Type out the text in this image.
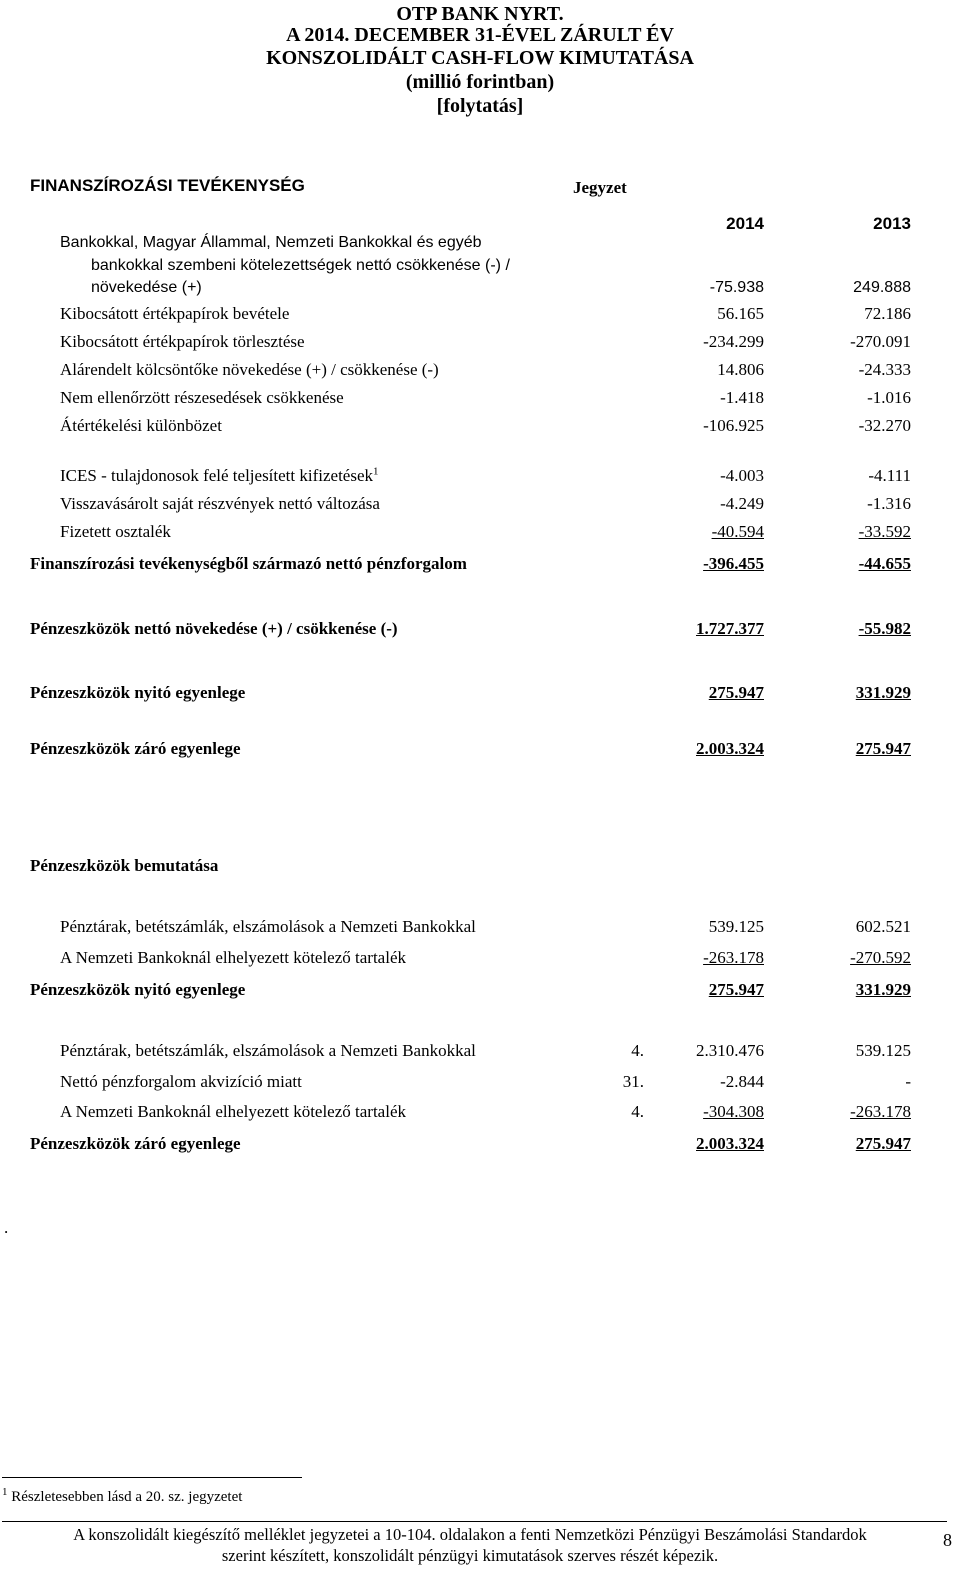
OTP BANK NYRT.
A 2014. DECEMBER 31-ÉVEL ZÁRULT ÉV
KONSZOLIDÁLT CASH-FLOW KIMUTATÁSA
(millió forintban)
[folytatás]
FINANSZÍROZÁSI TEVÉKENYSÉG	Jegyzet
2014	2013
Bankokkal, Magyar Állammal, Nemzeti Bankokkal és egyéb
bankokkal szembeni kötelezettségek nettó csökkenése (-) /
növekedése (+)	-75.938	249.888
Kibocsátott értékpapírok bevétele	56.165	72.186
Kibocsátott értékpapírok törlesztése	-234.299	-270.091
Alárendelt kölcsöntőke növekedése (+) / csökkenése (-)	14.806	-24.333
Nem ellenőrzött részesedések csökkenése	-1.418	-1.016
Átértékelési különbözet	-106.925	-32.270
ICES - tulajdonosok felé teljesített kifizetések$^1$	-4.003	-4.111
Visszavásárolt saját részvények nettó változása	-4.249	-1.316
Fizetett osztalék	-40.594	-33.592
Finanszírozási tevékenységből származó nettó pénzforgalom	-396.455	-44.655
Pénzeszközök nettó növekedése (+) / csökkenése (-)	1.727.377	-55.982
Pénzeszközök nyitó egyenlege	275.947	331.929
Pénzeszközök záró egyenlege	2.003.324	275.947
Pénzeszközök bemutatása
Pénztárak, betétszámlák, elszámolások a Nemzeti Bankokkal	539.125	602.521
A Nemzeti Bankoknál elhelyezett kötelező tartalék	-263.178	-270.592
Pénzeszközök nyitó egyenlege	275.947	331.929
Pénztárak, betétszámlák, elszámolások a Nemzeti Bankokkal	4.	2.310.476	539.125
Nettó pénzforgalom akvizíció miatt	31.	-2.844	-
A Nemzeti Bankoknál elhelyezett kötelező tartalék	4.	-304.308	-263.178
Pénzeszközök záró egyenlege	2.003.324	275.947
.
$^1$ Részletesebben lásd a 20. sz. jegyzetet
A konszolidált kiegészítő melléklet jegyzetei a 10-104. oldalakon a fenti Nemzetközi Pénzügyi Beszámolási Standardok
szerint készített, konszolidált pénzügyi kimutatások szerves részét képezik.
8
